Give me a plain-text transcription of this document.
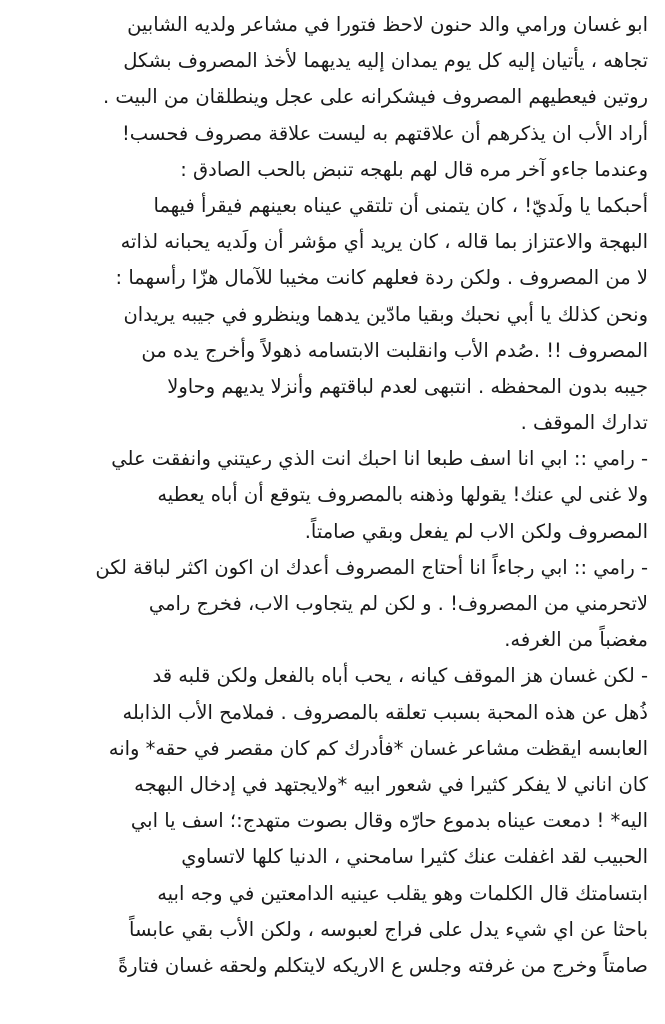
ابو غسان ورامي والد حنون لاحظ فتورا في مشاعر ولديه الشابين
تجاهه ، يأتيان إليه كل يوم يمدان إليه يديهما لأخذ المصروف بشكل
روتين فيعطيهم المصروف فيشكرانه على عجل وينطلقان من البيت .
أراد الأب ان يذكرهم أن علاقتهم به ليست علاقة مصروف فحسب!
وعندما جاءو آخر مره قال لهم بلهجه تنبض بالحب الصادق :
أحبكما يا ولَديّ! ، كان يتمنى أن تلتقي عيناه بعينهم فيقرأ فيهما
البهجة والاعتزاز بما قاله ، كان يريد أي مؤشر أن ولَديه يحبانه لذاته
لا من المصروف . ولكن ردة فعلهم كانت مخيبا للآمال هزّا رأسهما :
ونحن كذلك يا أبي نحبك وبقيا مادّين يدهما وينظرو في جيبه يريدان
المصروف !! .صُدم الأب وانقلبت الابتسامه ذهولاً وأخرج يده من
جيبه بدون المحفظه . انتبهى لعدم لباقتهم وأنزلا يديهم وحاولا
تدارك الموقف .
- رامي :: ابي انا اسف طبعا انا احبك انت الذي رعيتني وانفقت علي
ولا غنى لي عنك! يقولها وذهنه بالمصروف يتوقع أن أباه يعطيه
المصروف ولكن الاب لم يفعل وبقي صامتاً.
- رامي :: ابي رجاءاً انا أحتاج المصروف أعدك ان اكون اكثر لباقة لكن
لاتحرمني من المصروف! . و لكن لم يتجاوب الاب، فخرج رامي
مغضباً من الغرفه.
- لكن غسان هز الموقف كيانه ، يحب أباه بالفعل ولكن قلبه قد
ذُهل عن هذه المحبة بسبب تعلقه بالمصروف . فملامح الأب الذابله
العابسه ايقظت مشاعر غسان *فأدرك كم كان مقصر في حقه* وانه
كان اناني لا يفكر كثيرا في شعور ابيه *ولايجتهد في إدخال البهجه
اليه* ! دمعت عيناه بدموع حارّه وقال بصوت متهدج:؛ اسف يا ابي
الحبيب لقد اغفلت عنك كثيرا سامحني ، الدنيا كلها لاتساوي
ابتسامتك قال الكلمات وهو يقلب عينيه الدامعتين في وجه ابيه
باحثا عن اي شيء يدل على فراج لعبوسه ، ولكن الأب بقي عابساً
صامتاً وخرج من غرفته وجلس ع الاريكه لايتكلم ولحقه غسان فتارةً
